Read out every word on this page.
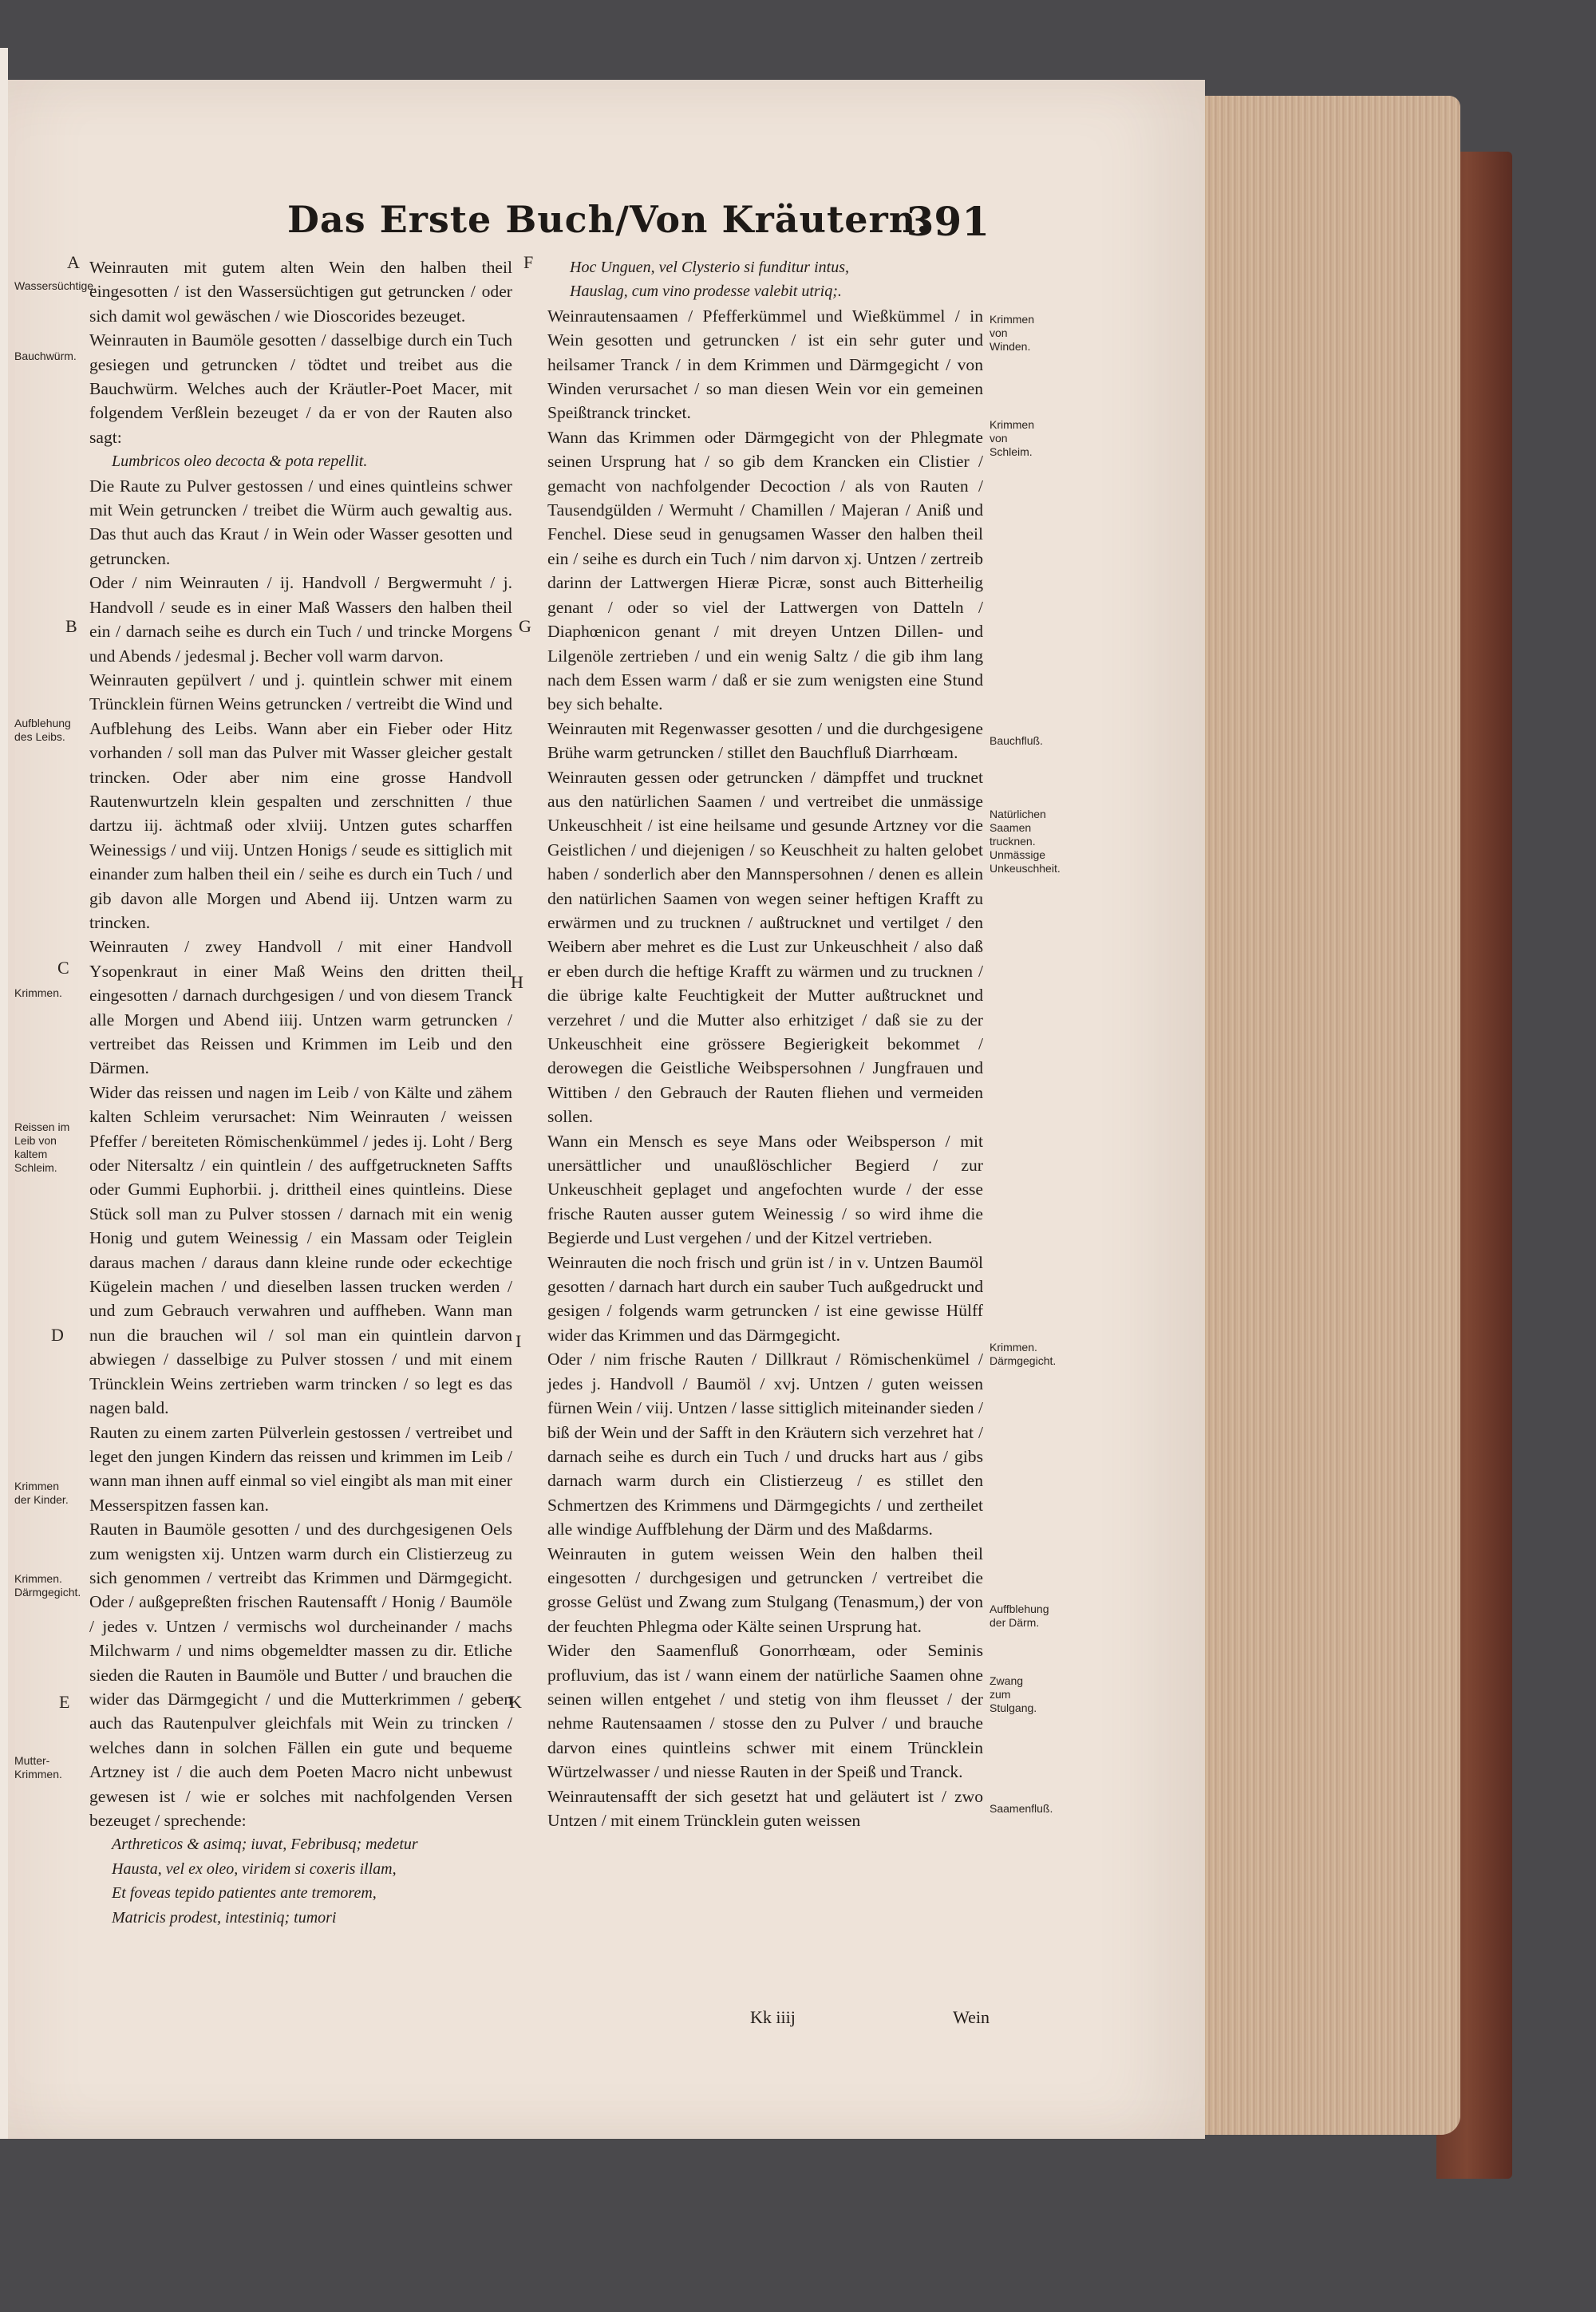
Das Erste Buch/Von Kräutern.
391
A
B
C
D
E
F
G
H
I
K
Wassersüchtige.
Bauchwürm.
Aufblehung des Leibs.
Krimmen.
Reissen im Leib von kaltem Schleim.
Krimmen der Kinder.
Krimmen. Därmgegicht.
Mutter-Krimmen.
Krimmen von Winden.
Krimmen von Schleim.
Bauchfluß.
Natürlichen Saamen trucknen. Unmässige Unkeuschheit.
Krimmen. Därmgegicht.
Auffblehung der Därm.
Zwang zum Stulgang.
Saamenfluß.

Weinrauten mit gutem alten Wein den halben theil eingesotten / ist den Wassersüchtigen gut getruncken / oder sich damit wol gewäschen / wie Dioscorides bezeuget.

Weinrauten in Baumöle gesotten / dasselbige durch ein Tuch gesiegen und getruncken / tödtet und treibet aus die Bauchwürm. Welches auch der Kräutler-Poet Macer, mit folgendem Verßlein bezeuget / da er von der Rauten also sagt:

Lumbricos oleo decocta & pota repellit.

Die Raute zu Pulver gestossen / und eines quintleins schwer mit Wein getruncken / treibet die Würm auch gewaltig aus. Das thut auch das Kraut / in Wein oder Wasser gesotten und getruncken.

Oder / nim Weinrauten / ij. Handvoll / Bergwermuht / j. Handvoll / seude es in einer Maß Wassers den halben theil ein / darnach seihe es durch ein Tuch / und trincke Morgens und Abends / jedesmal j. Becher voll warm darvon.

Weinrauten gepülvert / und j. quintlein schwer mit einem Trüncklein fürnen Weins getruncken / vertreibt die Wind und Aufblehung des Leibs. Wann aber ein Fieber oder Hitz vorhanden / soll man das Pulver mit Wasser gleicher gestalt trincken. Oder aber nim eine grosse Handvoll Rautenwurtzeln klein gespalten und zerschnitten / thue dartzu iij. ächtmaß oder xlviij. Untzen gutes scharffen Weinessigs / und viij. Untzen Honigs / seude es sittiglich mit einander zum halben theil ein / seihe es durch ein Tuch / und gib davon alle Morgen und Abend iij. Untzen warm zu trincken.

Weinrauten / zwey Handvoll / mit einer Handvoll Ysopenkraut in einer Maß Weins den dritten theil eingesotten / darnach durchgesigen / und von diesem Tranck alle Morgen und Abend iiij. Untzen warm getruncken / vertreibet das Reissen und Krimmen im Leib und den Därmen.

Wider das reissen und nagen im Leib / von Kälte und zähem kalten Schleim verursachet: Nim Weinrauten / weissen Pfeffer / bereiteten Römischenkümmel / jedes ij. Loht / Berg oder Nitersaltz / ein quintlein / des auffgetruckneten Saffts oder Gummi Euphorbii. j. drittheil eines quintleins. Diese Stück soll man zu Pulver stossen / darnach mit ein wenig Honig und gutem Weinessig / ein Massam oder Teiglein daraus machen / daraus dann kleine runde oder eckechtige Kügelein machen / und dieselben lassen trucken werden / und zum Gebrauch verwahren und auffheben. Wann man nun die brauchen wil / sol man ein quintlein darvon abwiegen / dasselbige zu Pulver stossen / und mit einem Trüncklein Weins zertrieben warm trincken / so legt es das nagen bald.

Rauten zu einem zarten Pülverlein gestossen / vertreibet und leget den jungen Kindern das reissen und krimmen im Leib / wann man ihnen auff einmal so viel eingibt als man mit einer Messerspitzen fassen kan.

Rauten in Baumöle gesotten / und des durchgesigenen Oels zum wenigsten xij. Untzen warm durch ein Clistierzeug zu sich genommen / vertreibt das Krimmen und Därmgegicht. Oder / außgepreßten frischen Rautensafft / Honig / Baumöle / jedes v. Untzen / vermischs wol durcheinander / machs Milchwarm / und nims obgemeldter massen zu dir. Etliche sieden die Rauten in Baumöle und Butter / und brauchen die wider das Därmgegicht / und die Mutterkrimmen / geben auch das Rautenpulver gleichfals mit Wein zu trincken / welches dann in solchen Fällen ein gute und bequeme Artzney ist / die auch dem Poeten Macro nicht unbewust gewesen ist / wie er solches mit nachfolgenden Versen bezeuget / sprechende:

Arthreticos & asimq; iuvat, Febribusq; medetur

Hausta, vel ex oleo, viridem si coxeris illam,

Et foveas tepido patientes ante tremorem,

Matricis prodest, intestiniq; tumori

Hoc Unguen, vel Clysterio si funditur intus,

Hauslag, cum vino prodesse valebit utriq;.

Weinrautensaamen / Pfefferkümmel und Wießkümmel / in Wein gesotten und getruncken / ist ein sehr guter und heilsamer Tranck / in dem Krimmen und Därmgegicht / von Winden verursachet / so man diesen Wein vor ein gemeinen Speißtranck trincket.

Wann das Krimmen oder Därmgegicht von der Phlegmate seinen Ursprung hat / so gib dem Krancken ein Clistier / gemacht von nachfolgender Decoction / als von Rauten / Tausendgülden / Wermuht / Chamillen / Majeran / Aniß und Fenchel. Diese seud in genugsamen Wasser den halben theil ein / seihe es durch ein Tuch / nim darvon xj. Untzen / zertreib darinn der Lattwergen Hieræ Picræ, sonst auch Bitterheilig genant / oder so viel der Lattwergen von Datteln / Diaphœnicon genant / mit dreyen Untzen Dillen- und Lilgenöle zertrieben / und ein wenig Saltz / die gib ihm lang nach dem Essen warm / daß er sie zum wenigsten eine Stund bey sich behalte.

Weinrauten mit Regenwasser gesotten / und die durchgesigene Brühe warm getruncken / stillet den Bauchfluß Diarrhœam.

Weinrauten gessen oder getruncken / dämpffet und trucknet aus den natürlichen Saamen / und vertreibet die unmässige Unkeuschheit / ist eine heilsame und gesunde Artzney vor die Geistlichen / und diejenigen / so Keuschheit zu halten gelobet haben / sonderlich aber den Mannspersohnen / denen es allein den natürlichen Saamen von wegen seiner heftigen Krafft zu erwärmen und zu trucknen / außtrucknet und vertilget / den Weibern aber mehret es die Lust zur Unkeuschheit / also daß er eben durch die heftige Krafft zu wärmen und zu trucknen / die übrige kalte Feuchtigkeit der Mutter außtrucknet und verzehret / und die Mutter also erhitziget / daß sie zu der Unkeuschheit eine grössere Begierigkeit bekommet / derowegen die Geistliche Weibspersohnen / Jungfrauen und Wittiben / den Gebrauch der Rauten fliehen und vermeiden sollen.

Wann ein Mensch es seye Mans oder Weibsperson / mit unersättlicher und unaußlöschlicher Begierd / zur Unkeuschheit geplaget und angefochten wurde / der esse frische Rauten ausser gutem Weinessig / so wird ihme die Begierde und Lust vergehen / und der Kitzel vertrieben.

Weinrauten die noch frisch und grün ist / in v. Untzen Baumöl gesotten / darnach hart durch ein sauber Tuch außgedruckt und gesigen / folgends warm getruncken / ist eine gewisse Hülff wider das Krimmen und das Därmgegicht.

Oder / nim frische Rauten / Dillkraut / Römischenkümel / jedes j. Handvoll / Baumöl / xvj. Untzen / guten weissen fürnen Wein / viij. Untzen / lasse sittiglich miteinander sieden / biß der Wein und der Safft in den Kräutern sich verzehret hat / darnach seihe es durch ein Tuch / und drucks hart aus / gibs darnach warm durch ein Clistierzeug / es stillet den Schmertzen des Krimmens und Därmgegichts / und zertheilet alle windige Auffblehung der Därm und des Maßdarms.

Weinrauten in gutem weissen Wein den halben theil eingesotten / durchgesigen und getruncken / vertreibet die grosse Gelüst und Zwang zum Stulgang (Tenasmum,) der von der feuchten Phlegma oder Kälte seinen Ursprung hat.

Wider den Saamenfluß Gonorrhœam, oder Seminis profluvium, das ist / wann einem der natürliche Saamen ohne seinen willen entgehet / und stetig von ihm fleusset / der nehme Rautensaamen / stosse den zu Pulver / und brauche darvon eines quintleins schwer mit einem Trüncklein Würtzelwasser / und niesse Rauten in der Speiß und Tranck.

Weinrautensafft der sich gesetzt hat und geläutert ist / zwo Untzen / mit einem Trüncklein guten weissen

Kk iiij	Wein
